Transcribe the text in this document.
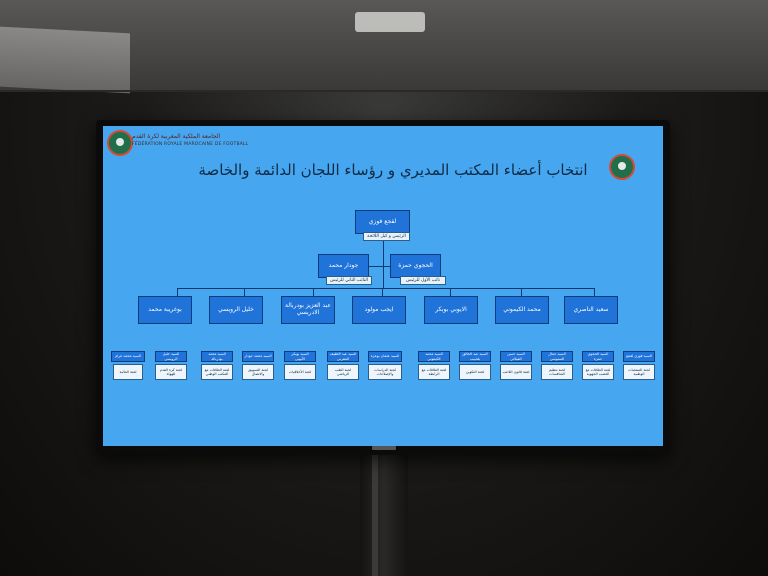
الجامعة الملكية المغربية لكرة القدم
FÉDÉRATION ROYALE MAROCAINE DE FOOTBALL
انتخاب أعضاء المكتب المديري و رؤساء اللجان الدائمة والخاصة
لقجع فوزي
الرئيس و كيل اللائحة
الحجوي حمزة
نائب الأول للرئيس
جودار محمد
النائب الثاني للرئيس
سعيد الناصري
محمد الكيموني
الايوبي بوبكر
ايجب مولود
عبد العزيز بودربالة الادريسي
خليل الرويسي
بوغريبة محمد
السيد فوزي لقجع
لجنة المنتخبات الوطنية
السيد الحجوي حمزة
لجنة العلاقات مع العصب الجهوية
السيد جمال السنوسي
لجنة تنظيم المنافسات
السيد حسن الفيلالي
لجنة قانون اللاعب
السيد عبد الخالق بلحبيب
لجنة التكوين
السيد محمد الكيموني
لجنة العلاقات مع الرابطة
السيد عثمان بوعزة
لجنة الدراسات والإصلاحات
السيد عبد اللطيف المقرني
لجنة الطب الرياضي
السيد بوبكر الأيوبي
لجنة الأخلاقيات
السيد محمد جودار
لجنة التسويق والاتصال
السيد محمد بودربالة
لجنة العلاقات مع المكتب الوطني
السيد خليل الرويسي
لجنة كرة القدم للهواة
السيد محمد غرام
لجنة المالية
